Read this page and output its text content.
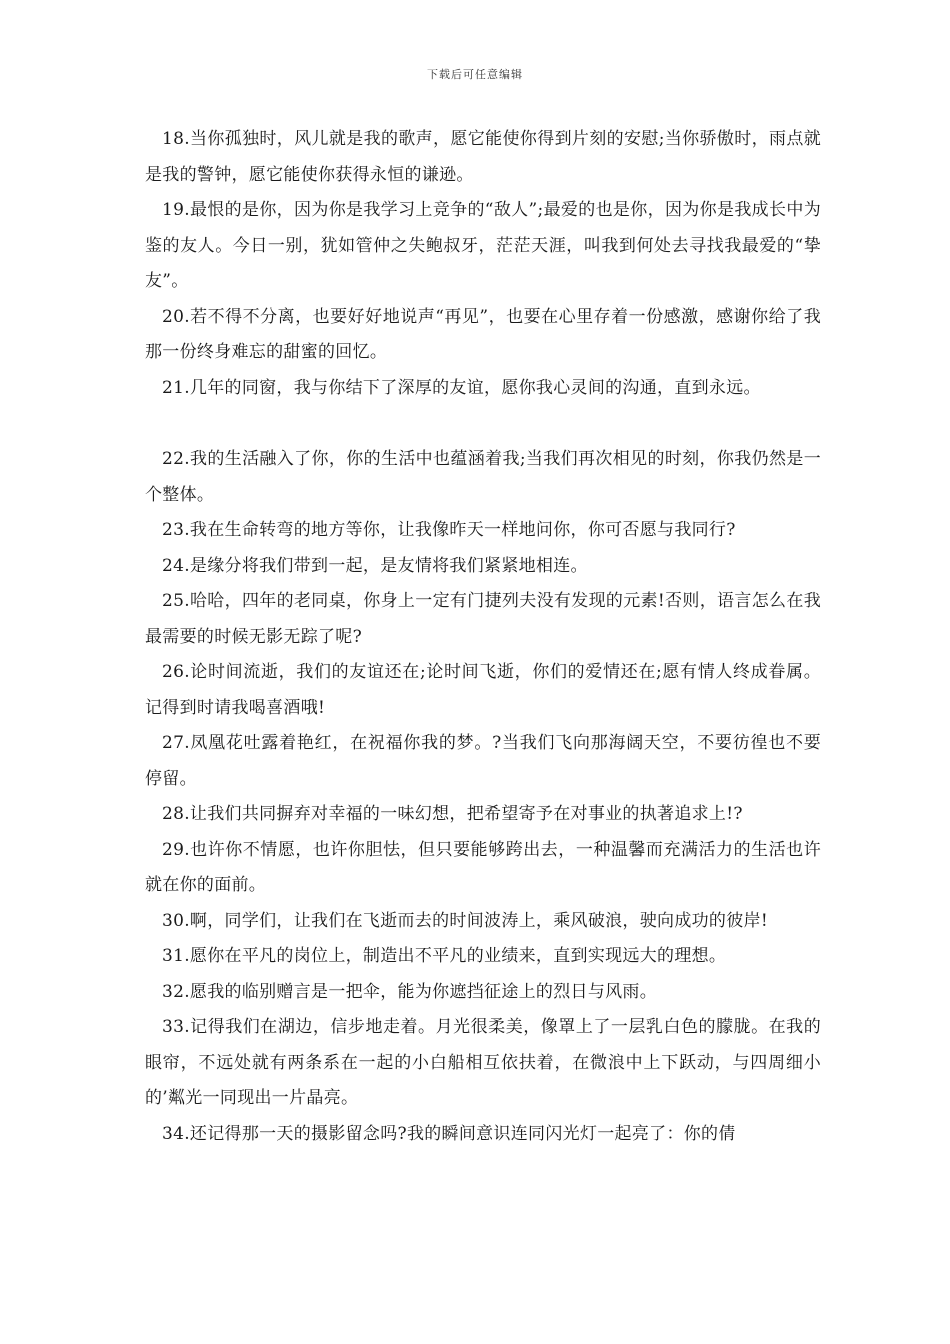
下载后可任意编辑

18.当你孤独时，风儿就是我的歌声，愿它能使你得到片刻的安慰;当你骄傲时，雨点就是我的警钟，愿它能使你获得永恒的谦逊。

19.最恨的是你，因为你是我学习上竞争的“敌人”;最爱的也是你，因为你是我成长中为鉴的友人。今日一别，犹如管仲之失鲍叔牙，茫茫天涯，叫我到何处去寻找我最爱的“挚友”。

20.若不得不分离，也要好好地说声“再见”，也要在心里存着一份感激，感谢你给了我那一份终身难忘的甜蜜的回忆。

21.几年的同窗，我与你结下了深厚的友谊，愿你我心灵间的沟通，直到永远。

22.我的生活融入了你，你的生活中也蕴涵着我;当我们再次相见的时刻，你我仍然是一个整体。

23.我在生命转弯的地方等你，让我像昨天一样地问你，你可否愿与我同行?

24.是缘分将我们带到一起，是友情将我们紧紧地相连。

25.哈哈，四年的老同桌，你身上一定有门捷列夫没有发现的元素!否则，语言怎么在我最需要的时候无影无踪了呢?

26.论时间流逝，我们的友谊还在;论时间飞逝，你们的爱情还在;愿有情人终成眷属。记得到时请我喝喜酒哦!

27.凤凰花吐露着艳红，在祝福你我的梦。?当我们飞向那海阔天空，不要彷徨也不要停留。

28.让我们共同摒弃对幸福的一味幻想，把希望寄予在对事业的执著追求上!?

29.也许你不情愿，也许你胆怯，但只要能够跨出去，一种温馨而充满活力的生活也许就在你的面前。

30.啊，同学们，让我们在飞逝而去的时间波涛上，乘风破浪，驶向成功的彼岸!

31.愿你在平凡的岗位上，制造出不平凡的业绩来，直到实现远大的理想。

32.愿我的临别赠言是一把伞，能为你遮挡征途上的烈日与风雨。

33.记得我们在湖边，信步地走着。月光很柔美，像罩上了一层乳白色的朦胧。在我的眼帘，不远处就有两条系在一起的小白船相互依扶着，在微浪中上下跃动，与四周细小的’粼光一同现出一片晶亮。

34.还记得那一天的摄影留念吗?我的瞬间意识连同闪光灯一起亮了：你的倩
